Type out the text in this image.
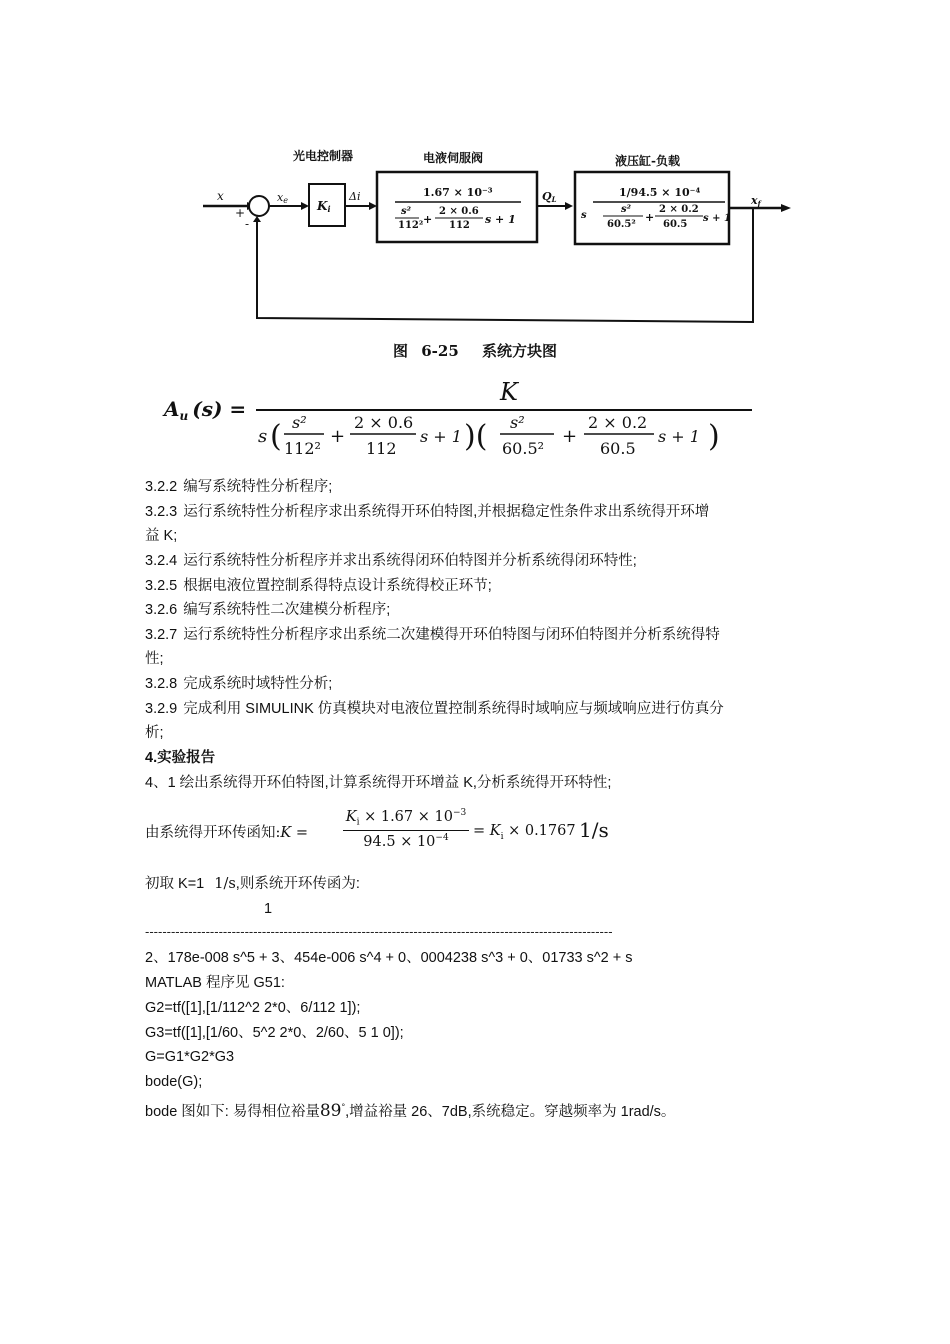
光电控制器	电液伺服阀	液压缸-负载
x
+
-
xe Ki
Δi	1.67 × 10⁻³
s²
112² +
2 × 0.6
112 s + 1
QL
1/94.5 × 10⁻⁴
s
s²
60.5²
+
2 × 0.2
60.5
s + 1
xf
图 6-25 系统方块图
$A_u$ (s) =
K
s ( s²
112²
+
2 × 0.6
112
s + 1 )( s²
60.5²
+
2 × 0.2
60.5
s + 1 )
3.2.2 编写系统特性分析程序;
3.2.3 运行系统特性分析程序求出系统得开环伯特图,并根据稳定性条件求出系统得开环增
益 K;
3.2.4 运行系统特性分析程序并求出系统得闭环伯特图并分析系统得闭环特性;
3.2.5 根据电液位置控制系得特点设计系统得校正环节;
3.2.6 编写系统特性二次建模分析程序;
3.2.7 运行系统特性分析程序求出系统二次建模得开环伯特图与闭环伯特图并分析系统得特
性;
3.2.8 完成系统时域特性分析;
3.2.9 完成利用 SIMULINK 仿真模块对电液位置控制系统得时域响应与频域响应进行仿真分
析;
4.实验报告
4、1 绘出系统得开环伯特图,计算系统得开环增益 K,分析系统得开环特性;
由系统得开环传函知:K = $\frac{K_i \times 1.67 \times 10^{-3}}{94.5 \times 10^{-4}} = K_i \times 0.1767$ 1/s
初取 K=1 1/s,则系统开环传函为:
1
------------------------------------------------------------------------------------------------------------
2、178e-008 s^5 + 3、454e-006 s^4 + 0、0004238 s^3 + 0、01733 s^2 + s
MATLAB 程序见 G51:
G2=tf([1],[1/112^2 2*0、6/112 1]);
G3=tf([1],[1/60、5^2 2*0、2/60、5 1 0]);
G=G1*G2*G3
bode(G);
bode 图如下: 易得相位裕量89°,增益裕量 26、7dB,系统稳定。穿越频率为 1rad/s。
